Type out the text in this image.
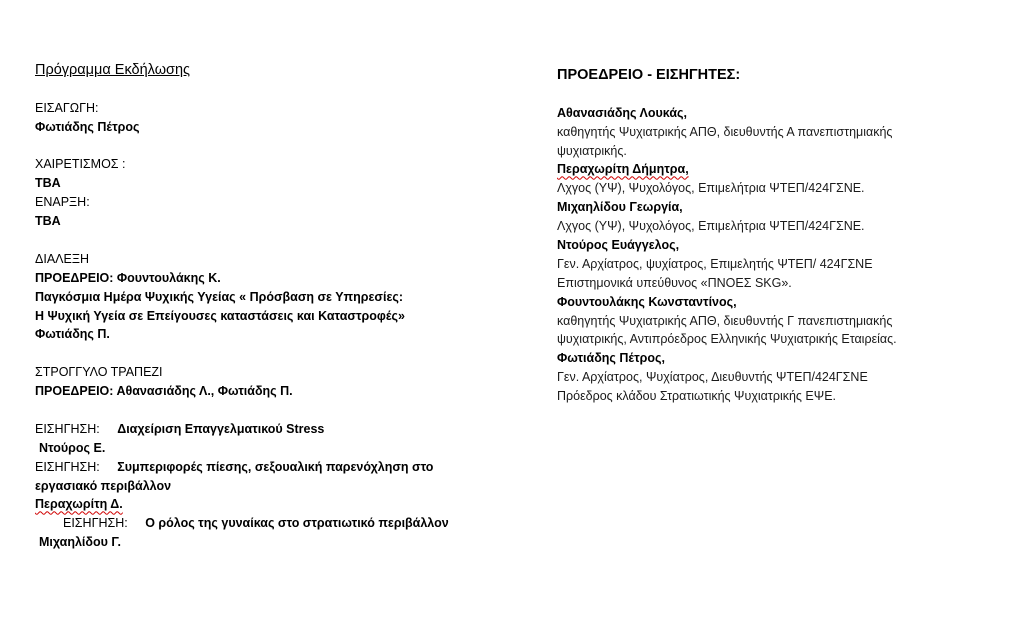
Πρόγραμμα Εκδήλωσης
ΕΙΣΑΓΩΓΗ:
Φωτιάδης Πέτρος
ΧΑΙΡΕΤΙΣΜΟΣ :
ΤΒΑ
ΕΝΑΡΞΗ:
ΤΒΑ
ΔΙΑΛΕΞΗ
ΠΡΟΕΔΡΕΙΟ: Φουντουλάκης Κ.
Παγκόσμια Ημέρα Ψυχικής Υγείας « Πρόσβαση σε Υπηρεσίες:
Η Ψυχική Υγεία σε Επείγουσες καταστάσεις και Καταστροφές»
Φωτιάδης Π.
ΣΤΡΟΓΓΥΛΟ ΤΡΑΠΕΖΙ
ΠΡΟΕΔΡΕΙΟ: Αθανασιάδης Λ., Φωτιάδης Π.
ΕΙΣΗΓΗΣΗ: Διαχείριση Επαγγελματικού Stress
Ντούρος Ε.
ΕΙΣΗΓΗΣΗ: Συμπεριφορές πίεσης, σεξουαλική παρενόχληση στο
εργασιακό περιβάλλον
Περαχωρίτη Δ.
ΕΙΣΗΓΗΣΗ: Ο ρόλος της γυναίκας στο στρατιωτικό περιβάλλον
Μιχαηλίδου Γ.
ΠΡΟΕΔΡΕΙΟ - ΕΙΣΗΓΗΤΕΣ:
Αθανασιάδης Λουκάς,
καθηγητής Ψυχιατρικής ΑΠΘ, διευθυντής Α πανεπιστημιακής
ψυχιατρικής.
Περαχωρίτη Δήμητρα,
Λχγος (ΥΨ), Ψυχολόγος, Επιμελήτρια ΨΤΕΠ/424ΓΣΝΕ.
Μιχαηλίδου Γεωργία,
Λχγος (ΥΨ), Ψυχολόγος, Επιμελήτρια ΨΤΕΠ/424ΓΣΝΕ.
Ντούρος Ευάγγελος,
Γεν. Αρχίατρος, ψυχίατρος, Επιμελητής ΨΤΕΠ/ 424ΓΣΝΕ
Επιστημονικά υπεύθυνος «ΠΝΟΕΣ SKG».
Φουντουλάκης Κωνσταντίνος,
καθηγητής Ψυχιατρικής ΑΠΘ, διευθυντής Γ πανεπιστημιακής
ψυχιατρικής, Αντιπρόεδρος Ελληνικής Ψυχιατρικής Εταιρείας.
Φωτιάδης Πέτρος,
Γεν. Αρχίατρος, Ψυχίατρος, Διευθυντής ΨΤΕΠ/424ΓΣΝΕ
Πρόεδρος κλάδου Στρατιωτικής Ψυχιατρικής ΕΨΕ.
